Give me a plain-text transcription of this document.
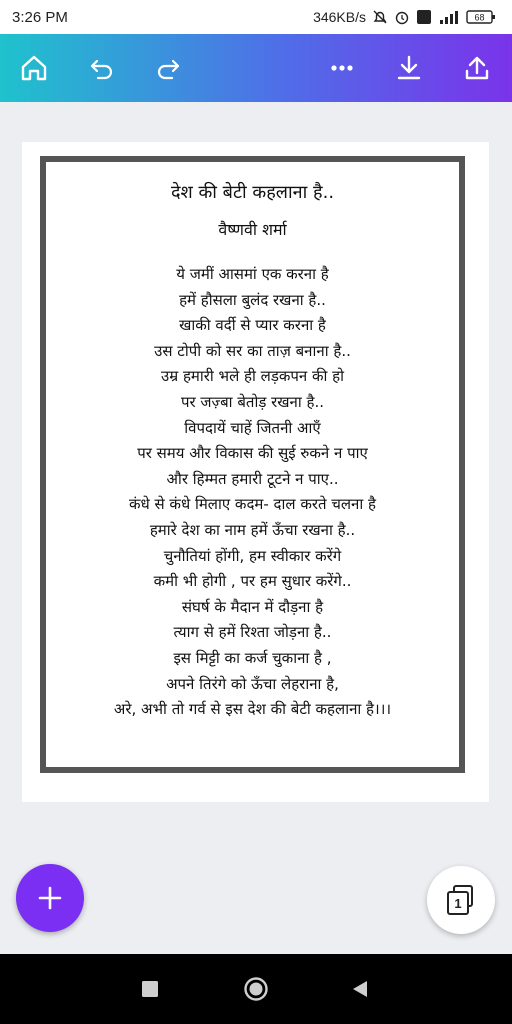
3:26 PM	346KB/s	68
देश की बेटी कहलाना है..
वैष्णवी शर्मा
ये जमीं आसमां एक करना है
हमें हौसला बुलंद रखना है..
खाकी वर्दी से प्यार करना है
उस टोपी को सर का ताज़ बनाना है..
उम्र हमारी भले ही लड़कपन की हो
पर जज़्बा बेतोड़ रखना है..
विपदायें चाहें जितनी आएँ
पर समय और विकास की सुई रुकने न पाए
और हिम्मत हमारी टूटने न पाए..
कंधे से कंधे मिलाए कदम- दाल करते चलना है
हमारे देश का नाम हमें ऊँचा रखना है..
चुनौतियां होंगी, हम स्वीकार करेंगे
कमी भी होगी , पर हम सुधार करेंगे..
संघर्ष के मैदान में दौड़ना है
त्याग से हमें रिश्ता जोड़ना है..
इस मिट्टी का कर्ज चुकाना है ,
अपने तिरंगे को ऊँचा लेहराना है,
अरे, अभी तो गर्व से इस देश की बेटी कहलाना है।।।
1
